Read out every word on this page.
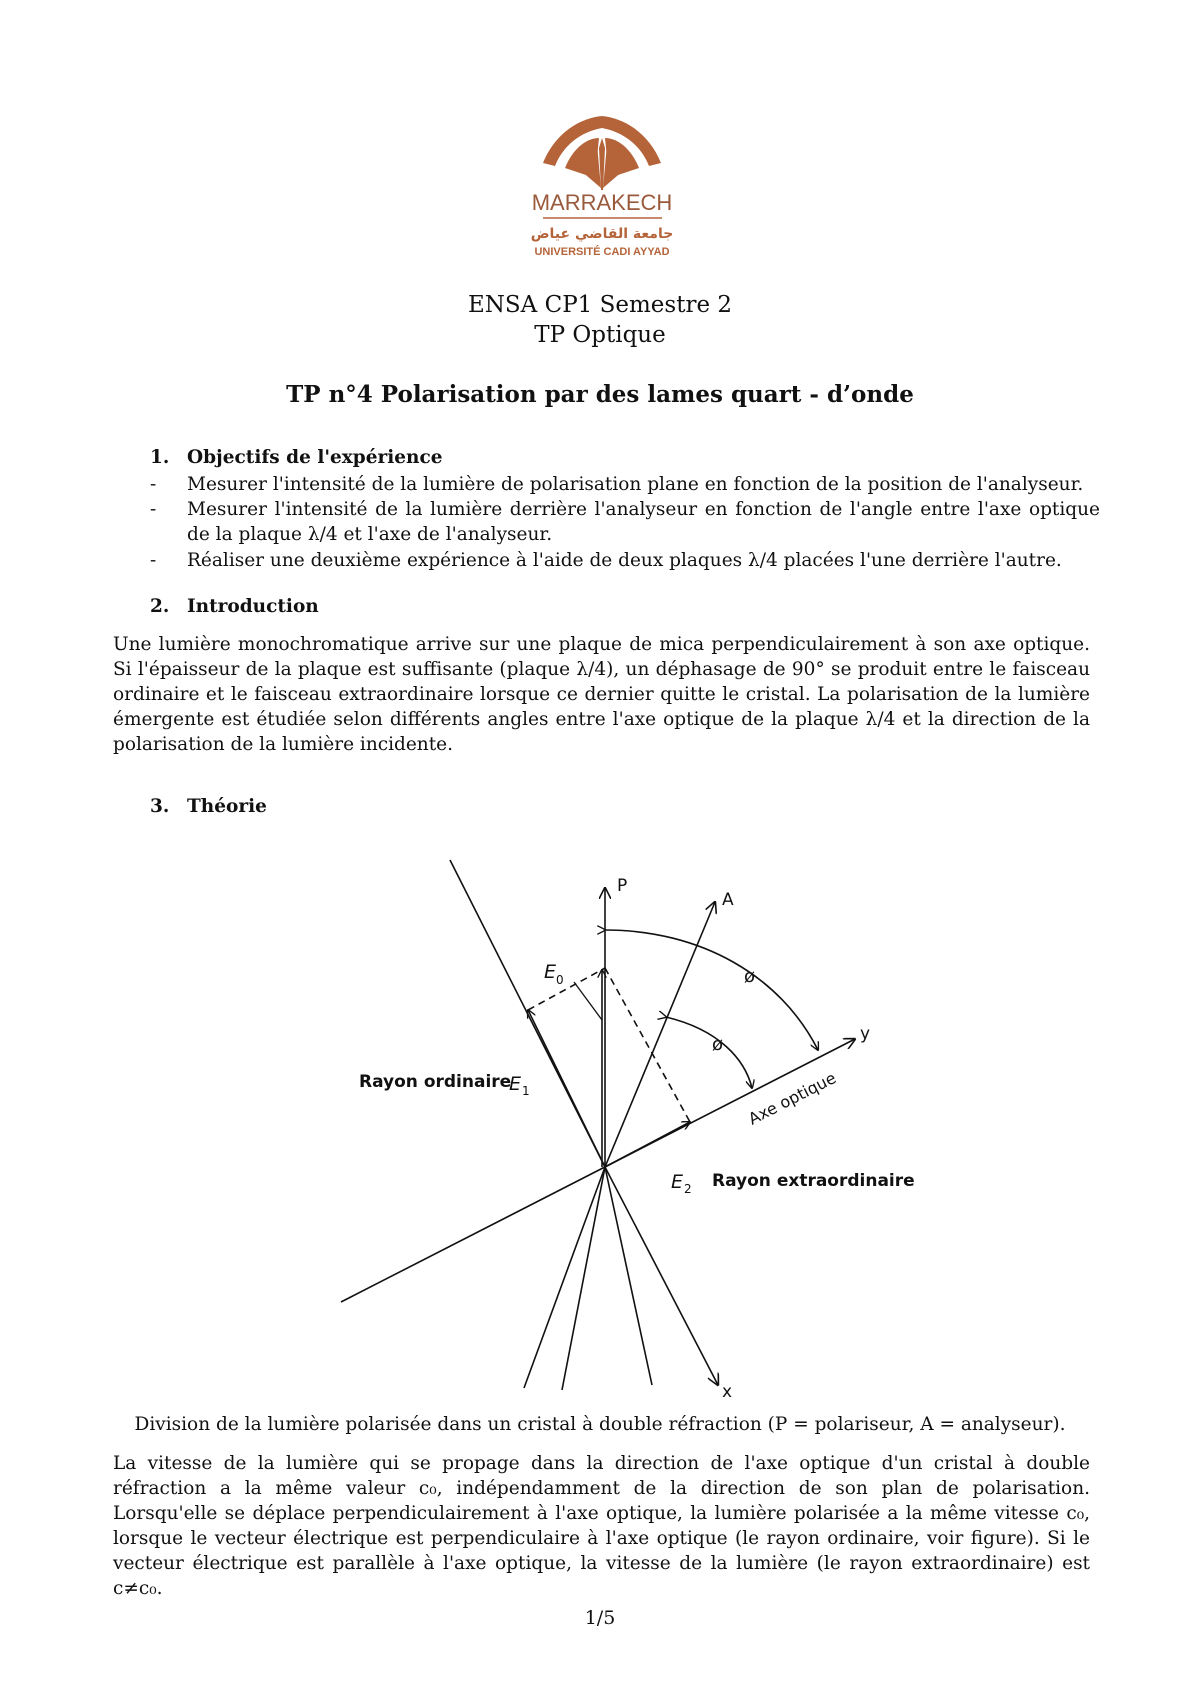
MARRAKECH
جامعة القاضي عياض
UNIVERSITÉ CADI AYYAD
ENSA CP1 Semestre 2
TP Optique
TP n°4 Polarisation par des lames quart - d’onde
1. Objectifs de l'expérience
- Mesurer l'intensité de la lumière de polarisation plane en fonction de la position de l'analyseur.
- Mesurer l'intensité de la lumière derrière l'analyseur en fonction de l'angle entre l'axe optique de la plaque λ/4 et l'axe de l'analyseur.
- Réaliser une deuxième expérience à l'aide de deux plaques λ/4 placées l'une derrière l'autre.
2. Introduction
Une lumière monochromatique arrive sur une plaque de mica perpendiculairement à son axe optique. Si l'épaisseur de la plaque est suffisante (plaque λ/4), un déphasage de 90° se produit entre le faisceau ordinaire et le faisceau extraordinaire lorsque ce dernier quitte le cristal. La polarisation de la lumière émergente est étudiée selon différents angles entre l'axe optique de la plaque λ/4 et la direction de la polarisation de la lumière incidente.
3. Théorie
P
A
y
x
ø
ø
E 0
E 1
E 2
Axe optique
Rayon ordinaire
Rayon extraordinaire
Division de la lumière polarisée dans un cristal à double réfraction (P = polariseur, A = analyseur).
La vitesse de la lumière qui se propage dans la direction de l'axe optique d'un cristal à double réfraction a la même valeur c₀, indépendamment de la direction de son plan de polarisation. Lorsqu'elle se déplace perpendiculairement à l'axe optique, la lumière polarisée a la même vitesse c₀, lorsque le vecteur électrique est perpendiculaire à l'axe optique (le rayon ordinaire, voir figure). Si le vecteur électrique est parallèle à l'axe optique, la vitesse de la lumière (le rayon extraordinaire) est c≠c₀.
1/5
